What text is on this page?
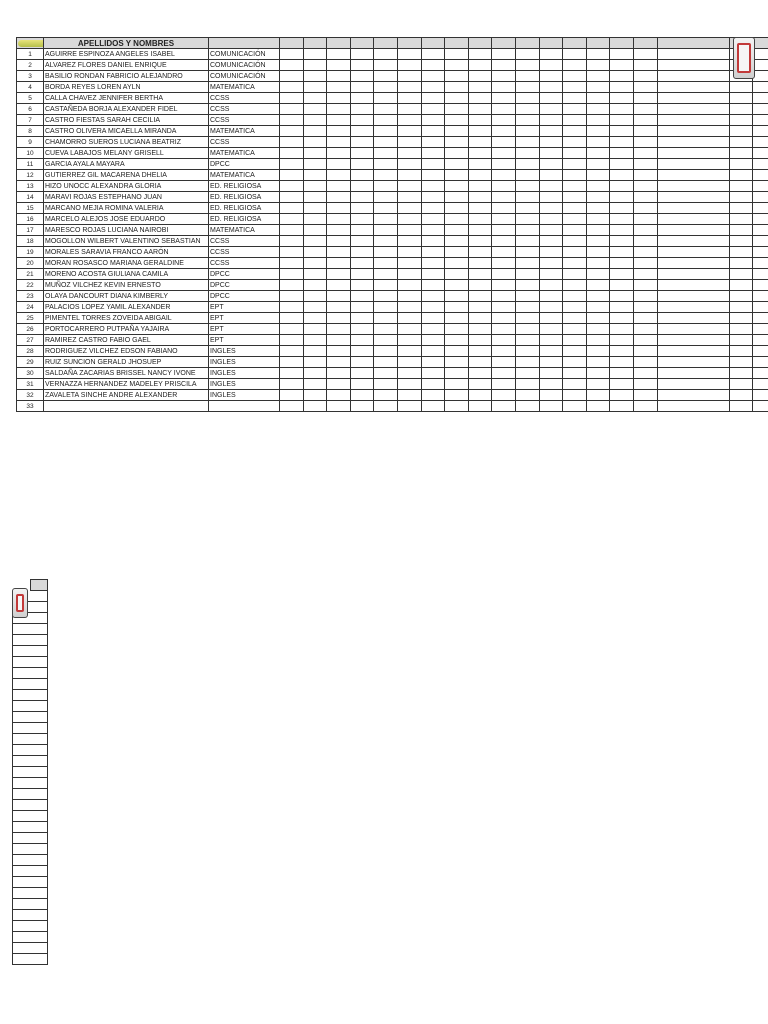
	APELLIDOS Y NOMBRES																					
1	AGUIRRE ESPINOZA ANGELES ISABEL	COMUNICACIÓN																				
2	ALVAREZ FLORES DANIEL ENRIQUE	COMUNICACIÓN																				
3	BASILIO RONDAN FABRICIO ALEJANDRO	COMUNICACIÓN																				
4	BORDA REYES LOREN AYLN	MATEMATICA																				
5	CALLA CHAVEZ JENNIFER BERTHA	CCSS																				
6	CASTAÑEDA BORJA ALEXANDER FIDEL	CCSS																				
7	CASTRO FIESTAS SARAH CECILIA	CCSS																				
8	CASTRO OLIVERA MICAELLA MIRANDA	MATEMATICA																				
9	CHAMORRO SUEROS LUCIANA BEATRIZ	CCSS																				
10	CUEVA LABAJOS MELANY GRISELL	MATEMATICA																				
11	GARCIA AYALA MAYARA	DPCC																				
12	GUTIERREZ GIL MACARENA DHELIA	MATEMATICA																				
13	HIZO UNOCC ALEXANDRA GLORIA	ED. RELIGIOSA																				
14	MARAVI ROJAS ESTEPHANO JUAN	ED. RELIGIOSA																				
15	MARCANO MEJIA ROMINA VALERIA	ED. RELIGIOSA																				
16	MARCELO ALEJOS JOSE EDUARDO	ED. RELIGIOSA																				
17	MARESCO ROJAS LUCIANA NAIROBI	MATEMATICA																				
18	MOGOLLON WILBERT VALENTINO SEBASTIAN	CCSS																				
19	MORALES SARAVIA FRANCO AARÓN	CCSS																				
20	MORAN ROSASCO MARIANA GERALDINE	CCSS																				
21	MORENO ACOSTA GIULIANA CAMILA	DPCC																				
22	MUÑOZ VILCHEZ KEVIN ERNESTO	DPCC																				
23	OLAYA DANCOURT DIANA KIMBERLY	DPCC																				
24	PALACIOS LOPEZ YAMIL ALEXANDER	EPT																				
25	PIMENTEL TORRES ZOVEIDA ABIGAIL	EPT																				
26	PORTOCARRERO PUTPAÑA YAJAIRA	EPT																				
27	RAMIREZ CASTRO FABIO GAEL	EPT																				
28	RODRIGUEZ VILCHEZ EDSON FABIANO	INGLES																				
29	RUIZ SUNCION GERALD JHOSUEP	INGLES																				
30	SALDAÑA ZACARIAS BRISSEL NANCY IVONE	INGLES																				
31	VERNAZZA HERNANDEZ MADELEY PRISCILA	INGLES																				
32	ZAVALETA SINCHE ANDRE ALEXANDER	INGLES																				
33																						
